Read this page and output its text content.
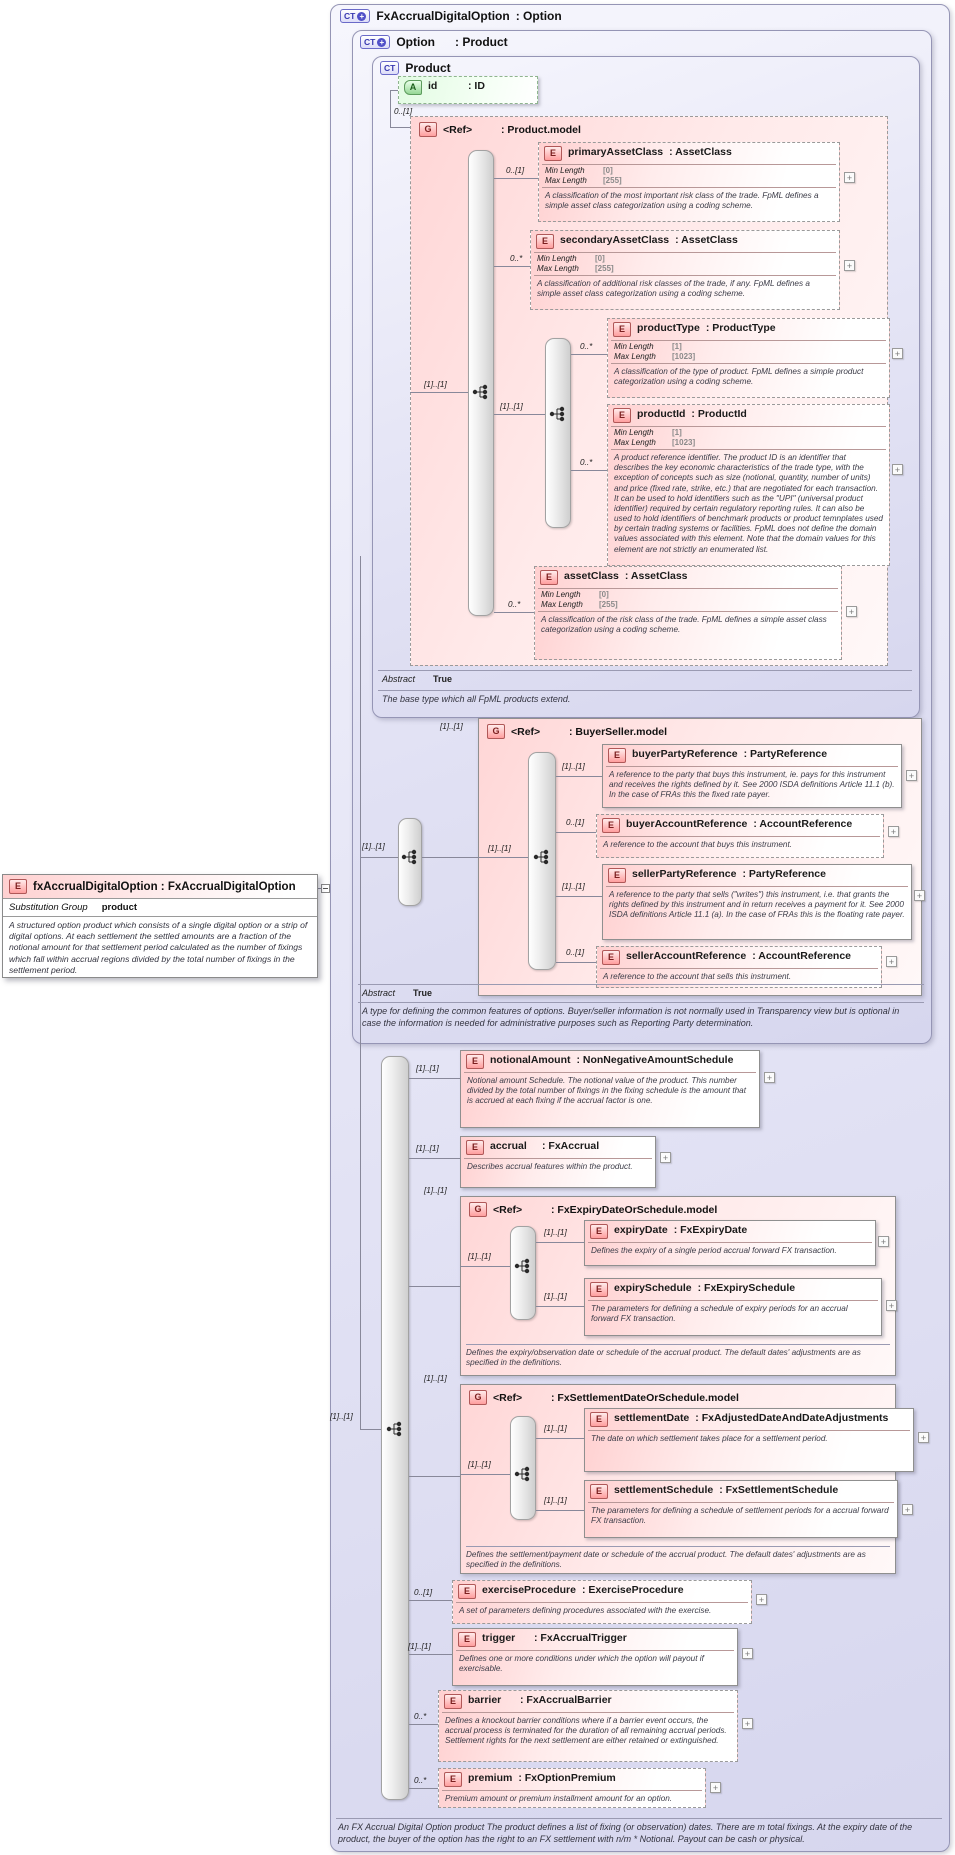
CT + FxAccrualDigitalOption : Option
CT + Option : Product
CT Product
A	id	: ID
0..[1]
G	<Ref>	: Product.model
[1]..[1]
0..[1]
E	primaryAssetClass : AssetClass
Min Length	[0]
Max Length	[255]
A classification of the most important risk class of the trade. FpML defines a simple asset class categorization using a coding scheme.
+
0..*
E	secondaryAssetClass : AssetClass
Min Length	[0]
Max Length	[255]
A classification of additional risk classes of the trade, if any. FpML defines a simple asset class categorization using a coding scheme.
+
[1]..[1]
0..*
E	productType : ProductType
Min Length	[1]
Max Length	[1023]
A classification of the type of product. FpML defines a simple product categorization using a coding scheme.
+
0..*
E	productId : ProductId
Min Length	[1]
Max Length	[1023]
A product reference identifier. The product ID is an identifier that describes the key economic characteristics of the trade type, with the exception of concepts such as size (notional, quantity, number of units) and price (fixed rate, strike, etc.) that are negotiated for each transaction. It can be used to hold identifiers such as the "UPI" (universal product identifier) required by certain regulatory reporting rules. It can also be used to hold identifiers of benchmark products or product temnplates used by certain trading systems or facilities. FpML does not define the domain values associated with this element. Note that the domain values for this element are not strictly an enumerated list.
+
0..*
E	assetClass : AssetClass
Min Length	[0]
Max Length	[255]
A classification of the risk class of the trade. FpML defines a simple asset class categorization using a coding scheme.
+
Abstract True
The base type which all FpML products extend.
[1]..[1]	G	<Ref>	: BuyerSeller.model
[1]..[1]	[1]..[1]
[1]..[1]
E	buyerPartyReference : PartyReference
A reference to the party that buys this instrument, ie. pays for this instrument and receives the rights defined by it. See 2000 ISDA definitions Article 11.1 (b). In the case of FRAs this the fixed rate payer.
+
0..[1]	E	buyerAccountReference : AccountReference
A reference to the account that buys this instrument.
+
[1]..[1]
E	sellerPartyReference : PartyReference
A reference to the party that sells ("writes") this instrument, i.e. that grants the rights defined by this instrument and in return receives a payment for it. See 2000 ISDA definitions Article 11.1 (a). In the case of FRAs this is the floating rate payer.
+
0..[1]	E	sellerAccountReference : AccountReference
A reference to the account that sells this instrument.
+
Abstract True
A type for defining the common features of options. Buyer/seller information is not normally used in Transparency view but is optional in case the information is needed for administrative purposes such as Reporting Party determination.
[1]..[1]
[1]..[1]
E	notionalAmount : NonNegativeAmountSchedule
Notional amount Schedule. The notional value of the product. This number divided by the total number of fixings in the fixing schedule is the amount that is accrued at each fixing if the accrual factor is one.
+
[1]..[1]	E	accrual	: FxAccrual
Describes accrual features within the product.
+
[1]..[1]
G	<Ref>	: FxExpiryDateOrSchedule.model
[1]..[1]
[1]..[1]	E	expiryDate : FxExpiryDate
Defines the expiry of a single period accrual forward FX transaction.
+
[1]..[1]
E	expirySchedule : FxExpirySchedule
The parameters for defining a schedule of expiry periods for an accrual forward FX transaction.
+
Defines the expiry/observation date or schedule of the accrual product. The default dates' adjustments are as specified in the definitions.
[1]..[1]
G	<Ref>	: FxSettlementDateOrSchedule.model
[1]..[1]
[1]..[1]
E	settlementDate : FxAdjustedDateAndDateAdjustments
The date on which settlement takes place for a settlement period.	+
[1]..[1]
E	settlementSchedule : FxSettlementSchedule
The parameters for defining a schedule of settlement periods for a accrual forward FX transaction.
+
Defines the settlement/payment date or schedule of the accrual product. The default dates' adjustments are as specified in the definitions.
0..[1]	E	exerciseProcedure : ExerciseProcedure
A set of parameters defining procedures associated with the exercise.
+
[1]..[1]
E	trigger	: FxAccrualTrigger
Defines one or more conditions under which the option will payout if exercisable.
+
0..*
E	barrier	: FxAccrualBarrier
Defines a knockout barrier conditions where if a barrier event occurs, the accrual process is terminated for the duration of all remaining accrual periods. Settlement rights for the next settlement are either retained or extinguished.
+
0..*	E	premium : FxOptionPremium
Premium amount or premium installment amount for an option.
+
An FX Accrual Digital Option product The product defines a list of fixing (or observation) dates. There are m total fixings. At the expiry date of the product, the buyer of the option has the right to an FX settlement with n/m * Notional. Payout can be cash or physical.
E	fxAccrualDigitalOption : FxAccrualDigitalOption
Substitution Group product
A structured option product which consists of a single digital option or a strip of digital options. At each settlement the settled amounts are a fraction of the notional amount for that settlement period calculated as the number of fixings which fall within accrual regions divided by the total number of fixings in the settlement period.
